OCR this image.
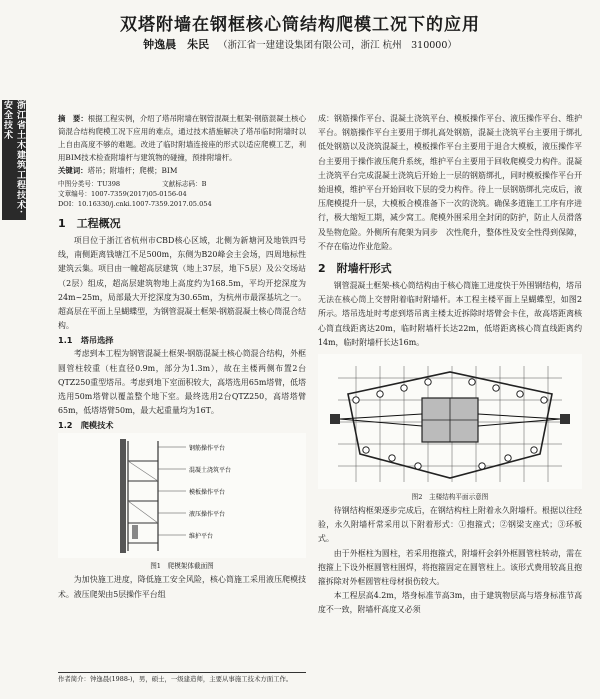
双塔附墙在钢框核心筒结构爬模工况下的应用
钟逸晨　朱民 （浙江省一建建设集团有限公司，浙江 杭州　310000）
浙江省土木建筑工程技术·安全技术	摘　要：根据工程实例，介绍了塔吊附墙在钢管混凝土框架-钢筋混凝土核心筒混合结构爬模工况下应用的难点，通过技术措施解决了塔吊临时附墙时以上自由高度不够的难题。改进了临时附墙连接座的形式以适应爬模工艺，利用BIM技术检查附墙杆与建筑物的碰撞，预排附墙杆。
关键词：塔吊；附墙杆；爬模；BIM
中图分类号：TU398	文献标志码：B
文章编号：1007-7359(2017)05-0156-04
DOI：10.16330/j.cnki.1007-7359.2017.05.054
1　工程概况
项目位于浙江省杭州市CBD核心区域，北侧为新塘河及地铁四号线，南侧距离钱塘江不足500m，东侧为B20峰会主会场，四周地标性建筑云集。项目由一幢超高层建筑（地上37层，地下5层）及公交场站（2层）组成，超高层建筑物地上高度约为168.5m，平均开挖深度为24m~25m，局部最大开挖深度为30.65m，为杭州市最深基坑之一。超高层在平面上呈蝴蝶型，为钢管混凝土框架-钢筋混凝土核心筒混合结构。
1.1　塔吊选择
考虑到本工程为钢管混凝土框架-钢筋混凝土核心筒混合结构，外框圆管柱较重（柱直径0.9m，部分为1.3m），故在主楼两侧布置2台QTZ250重型塔吊。考虑到地下室面积较大，高塔选用65m塔臂，低塔选用50m塔臂以覆盖整个地下室。最终选用2台QTZ250，高塔塔臂65m，低塔塔臂50m，最大起重量均为16T。
1.2　爬模技术
钢筋操作平台
混凝土浇筑平台
模板操作平台
液压操作平台
维护平台
图1　爬模架体截面图
为加快施工进度，降低施工安全风险，核心筒施工采用液压爬模技术。液压爬架由5层操作平台组
成：钢筋操作平台、混凝土浇筑平台、模板操作平台、液压操作平台、维护平台。钢筋操作平台主要用于绑扎高处钢筋，混凝土浇筑平台主要用于绑扎低处钢筋以及浇筑混凝土，模板操作平台主要用于退合大模板，液压操作平台主要用于操作液压爬升系统，维护平台主要用于回收爬模受力构件。混凝土浇筑平台完成混凝土浇筑后开始上一层的钢筋绑扎，同时模板操作平台开始退模，维护平台开始回收下层的受力构件。待上一层钢筋绑扎完成后，液压爬模提升一层，大模板合模准备下一次的浇筑。确保多道施工工序有序进行，极大缩短工期，减少窝工。爬模外围采用全封闭的防护，防止人员滑落及坠物危险。外侧所有爬架为同步　次性爬升，整体性及安全性得到保障，不存在临边作业危险。
2　附墙杆形式
钢管混凝土框架-核心筒结构由于核心筒施工进度快于外围钢结构，塔吊无法在核心筒上交替附着临时附墙杆。本工程主楼平面上呈蝴蝶型，如图2所示。塔吊选址时考虑到塔吊离主楼太近拆除时塔臂会卡住，故高塔距离核心筒直线距离达20m，临时附墙杆长达22m，低塔距离核心筒直线距离约14m，临时附墙杆长达16m。
图2　主楼结构平面示意图
待钢结构框架逐步完成后，在钢结构柱上附着永久附墙杆。根据以往经验，永久附墙杆常采用以下附着形式：①抱箍式；②钢梁支座式；③环板式。
由于外框柱为圆柱，若采用抱箍式，附墙杆会斜外框圆管柱转动，需在抱箍上下设外框圆管柱围焊，将抱箍固定在圆管柱上。该形式费用较高且抱箍拆除对外框圆管柱母材损伤较大。
本工程层高4.2m，塔身标准节高3m，由于建筑物层高与塔身标准节高度不一致，附墙杆高度又必须
作者简介：钟逸晨(1988-)，男，硕士，一级建造师，主要从事施工技术方面工作。
